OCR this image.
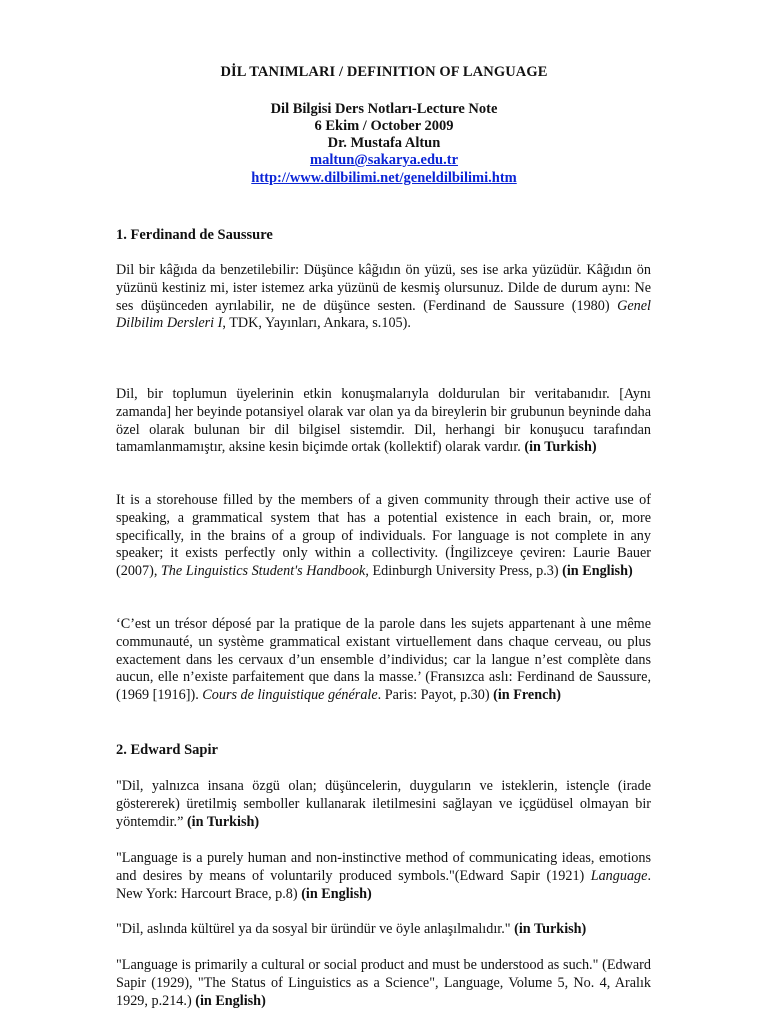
DİL TANIMLARI / DEFINITION OF LANGUAGE
Dil Bilgisi Ders Notları-Lecture Note
6 Ekim / October 2009
Dr. Mustafa Altun
maltun@sakarya.edu.tr
http://www.dilbilimi.net/geneldilbilimi.htm
1. Ferdinand de Saussure
Dil bir kâğıda da benzetilebilir: Düşünce kâğıdın ön yüzü, ses ise arka yüzüdür. Kâğıdın ön yüzünü kestiniz mi, ister istemez arka yüzünü de kesmiş olursunuz. Dilde de durum aynı: Ne ses düşünceden ayrılabilir, ne de düşünce sesten. (Ferdinand de Saussure (1980) Genel Dilbilim Dersleri I, TDK, Yayınları, Ankara, s.105).
Dil, bir toplumun üyelerinin etkin konuşmalarıyla doldurulan bir veritabanıdır. [Aynı zamanda] her beyinde potansiyel olarak var olan ya da bireylerin bir grubunun beyninde daha özel olarak bulunan bir dil bilgisel sistemdir. Dil, herhangi bir konuşucu tarafından tamamlanmamıştır, aksine kesin biçimde ortak (kollektif) olarak vardır. (in Turkish)
It is a storehouse filled by the members of a given community through their active use of speaking, a grammatical system that has a potential existence in each brain, or, more specifically, in the brains of a group of individuals. For language is not complete in any speaker; it exists perfectly only within a collectivity. (İngilizceye çeviren: Laurie Bauer (2007), The Linguistics Student's Handbook, Edinburgh University Press, p.3) (in English)
‘C’est un trésor déposé par la pratique de la parole dans les sujets appartenant à une même communauté, un système grammatical existant virtuellement dans chaque cerveau, ou plus exactement dans les cervaux d’un ensemble d’individus; car la langue n’est complète dans aucun, elle n’existe parfaitement que dans la masse.’ (Fransızca aslı: Ferdinand de Saussure, (1969 [1916]). Cours de linguistique générale. Paris: Payot, p.30) (in French)
2. Edward Sapir
"Dil, yalnızca insana özgü olan; düşüncelerin, duyguların ve isteklerin, istençle (irade göstererek) üretilmiş semboller kullanarak iletilmesini sağlayan ve içgüdüsel olmayan bir yöntemdir.” (in Turkish)
"Language is a purely human and non-instinctive method of communicating ideas, emotions and desires by means of voluntarily produced symbols."(Edward Sapir (1921) Language. New York: Harcourt Brace, p.8) (in English)
"Dil, aslında kültürel ya da sosyal bir üründür ve öyle anlaşılmalıdır." (in Turkish)
"Language is primarily a cultural or social product and must be understood as such." (Edward Sapir (1929), "The Status of Linguistics as a Science", Language, Volume 5, No. 4, Aralık 1929, p.214.) (in English)
